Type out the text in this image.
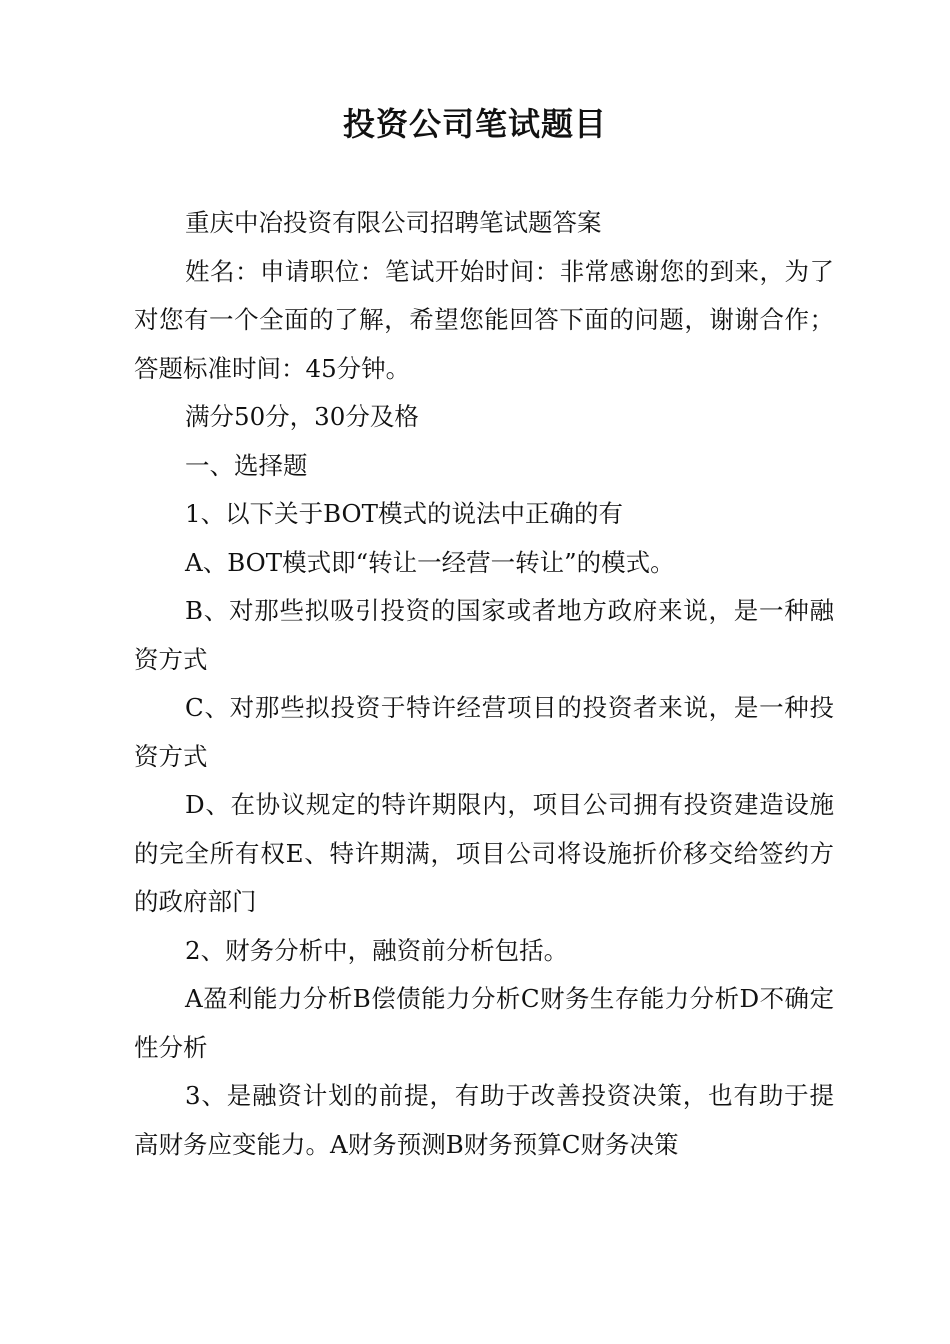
投资公司笔试题目

重庆中冶投资有限公司招聘笔试题答案

姓名：申请职位：笔试开始时间：非常感谢您的到来，为了对您有一个全面的了解，希望您能回答下面的问题，谢谢合作；答题标准时间：45分钟。

满分50分，30分及格

一、选择题

1、以下关于BOT模式的说法中正确的有

A、BOT模式即“转让一经营一转让”的模式。

B、对那些拟吸引投资的国家或者地方政府来说，是一种融资方式

C、对那些拟投资于特许经营项目的投资者来说，是一种投资方式

D、在协议规定的特许期限内，项目公司拥有投资建造设施的完全所有权E、特许期满，项目公司将设施折价移交给签约方的政府部门

2、财务分析中，融资前分析包括。

A盈利能力分析B偿债能力分析C财务生存能力分析D不确定性分析

3、是融资计划的前提，有助于改善投资决策，也有助于提高财务应变能力。A财务预测B财务预算C财务决策
